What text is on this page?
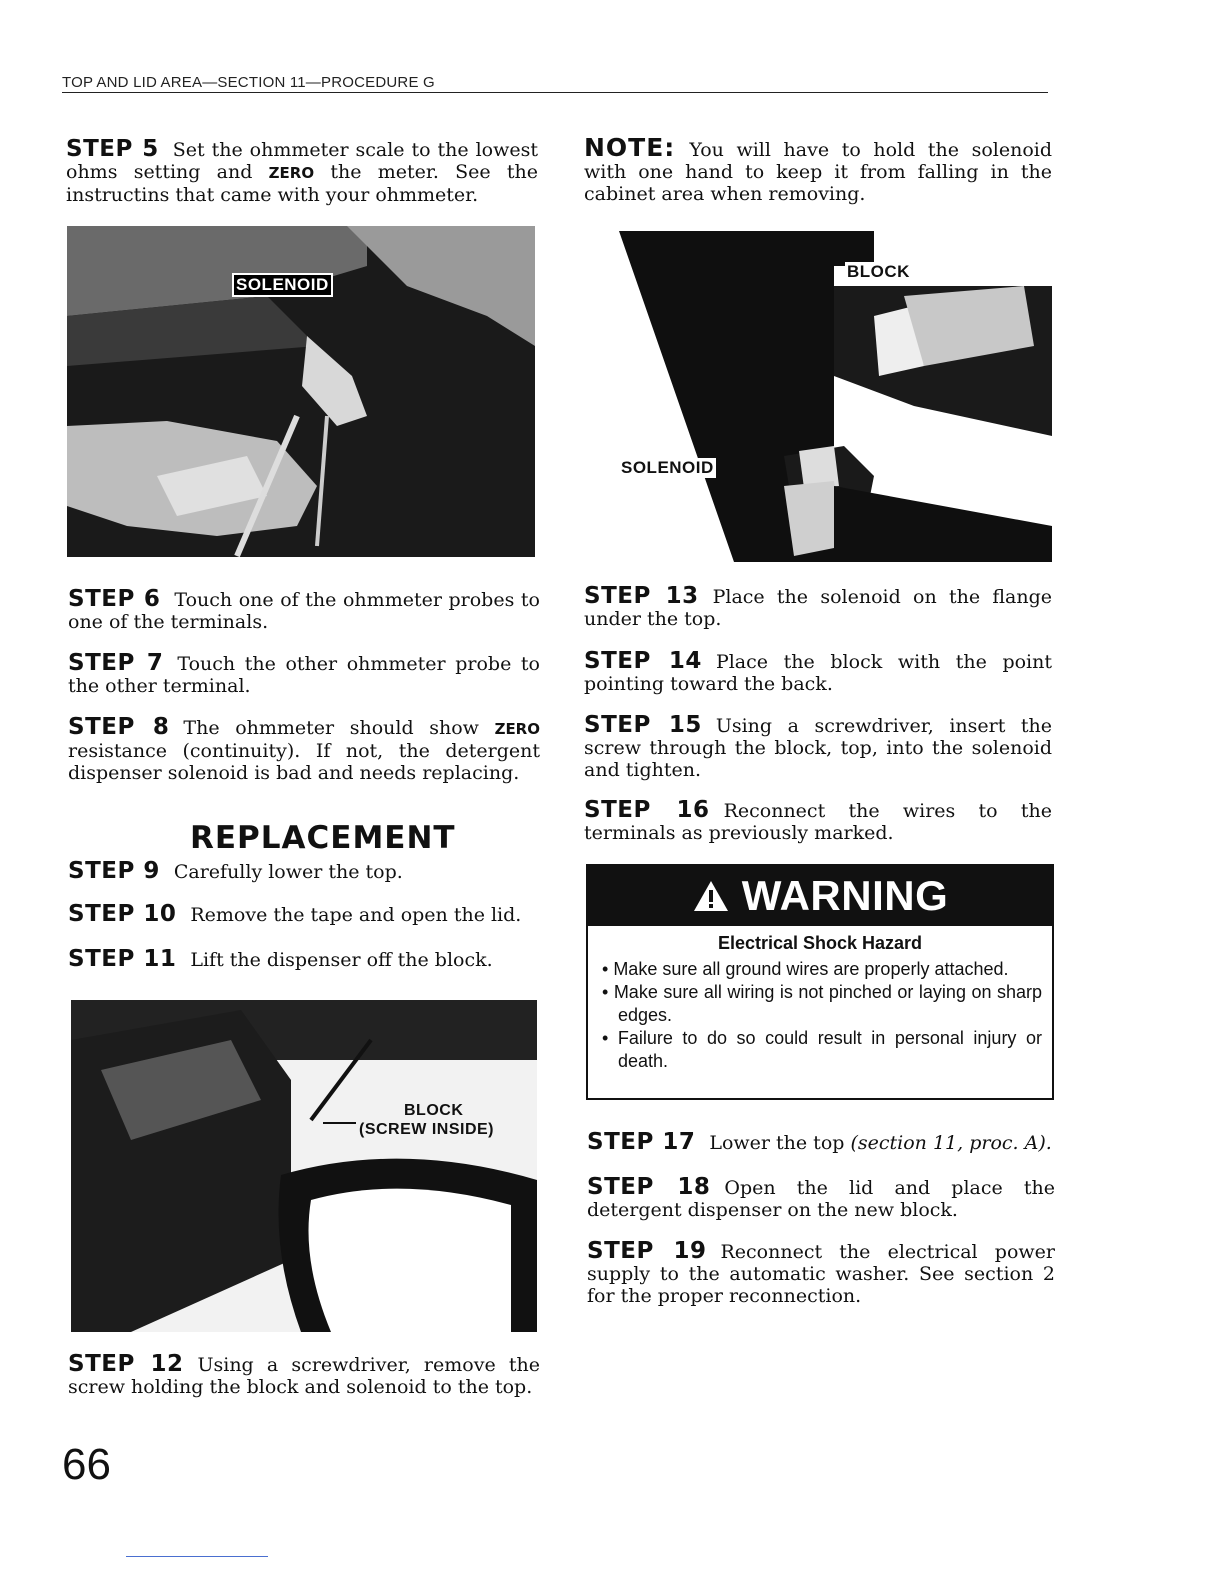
TOP AND LID AREA—SECTION 11—PROCEDURE G
STEP 5 Set the ohmmeter scale to the lowest ohms setting and ZERO the meter. See the instructins that came with your ohmmeter.
SOLENOID
STEP 6 Touch one of the ohmmeter probes to one of the terminals.
STEP 7 Touch the other ohmmeter probe to the other terminal.
STEP 8 The ohmmeter should show ZERO resistance (continuity). If not, the detergent dispenser solenoid is bad and needs replacing.
REPLACEMENT
STEP 9 Carefully lower the top.
STEP 10 Remove the tape and open the lid.
STEP 11 Lift the dispenser off the block.
BLOCK
(SCREW INSIDE)
STEP 12 Using a screwdriver, remove the screw holding the block and solenoid to the top.
NOTE: You will have to hold the solenoid with one hand to keep it from falling in the cabinet area when removing.
BLOCK
SOLENOID
STEP 13 Place the solenoid on the flange under the top.
STEP 14 Place the block with the point pointing toward the back.
STEP 15 Using a screwdriver, insert the screw through the block, top, into the solenoid and tighten.
STEP 16 Reconnect the wires to the terminals as previously marked.
WARNING
Electrical Shock Hazard
• Make sure all ground wires are properly attached.
• Make sure all wiring is not pinched or laying on sharp edges.
• Failure to do so could result in personal injury or death.
STEP 17 Lower the top (section 11, proc. A).
STEP 18 Open the lid and place the detergent dispenser on the new block.
STEP 19 Reconnect the electrical power supply to the automatic washer. See section 2 for the proper reconnection.
66
